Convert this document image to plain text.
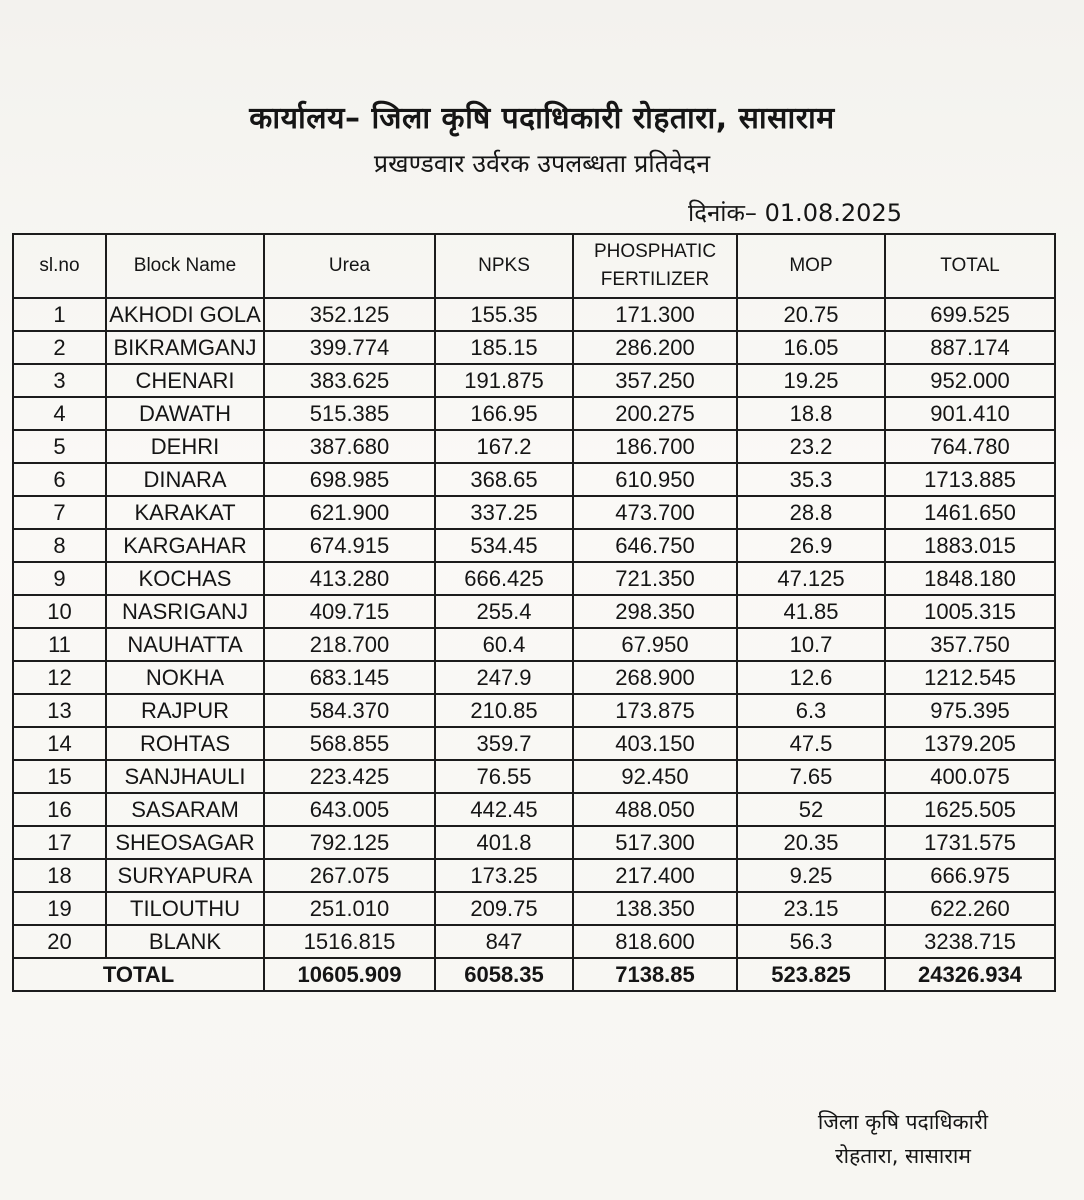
कार्यालय– जिला कृषि पदाधिकारी रोहतारा, सासाराम
प्रखण्डवार उर्वरक उपलब्धता प्रतिवेदन
दिनांक– 01.08.2025
sl.no	Block Name	Urea	NPKS	PHOSPHATIC FERTILIZER	MOP	TOTAL
1	AKHODI GOLA	352.125	155.35	171.300	20.75	699.525
2	BIKRAMGANJ	399.774	185.15	286.200	16.05	887.174
3	CHENARI	383.625	191.875	357.250	19.25	952.000
4	DAWATH	515.385	166.95	200.275	18.8	901.410
5	DEHRI	387.680	167.2	186.700	23.2	764.780
6	DINARA	698.985	368.65	610.950	35.3	1713.885
7	KARAKAT	621.900	337.25	473.700	28.8	1461.650
8	KARGAHAR	674.915	534.45	646.750	26.9	1883.015
9	KOCHAS	413.280	666.425	721.350	47.125	1848.180
10	NASRIGANJ	409.715	255.4	298.350	41.85	1005.315
11	NAUHATTA	218.700	60.4	67.950	10.7	357.750
12	NOKHA	683.145	247.9	268.900	12.6	1212.545
13	RAJPUR	584.370	210.85	173.875	6.3	975.395
14	ROHTAS	568.855	359.7	403.150	47.5	1379.205
15	SANJHAULI	223.425	76.55	92.450	7.65	400.075
16	SASARAM	643.005	442.45	488.050	52	1625.505
17	SHEOSAGAR	792.125	401.8	517.300	20.35	1731.575
18	SURYAPURA	267.075	173.25	217.400	9.25	666.975
19	TILOUTHU	251.010	209.75	138.350	23.15	622.260
20	BLANK	1516.815	847	818.600	56.3	3238.715
TOTAL		10605.909	6058.35	7138.85	523.825	24326.934
जिला कृषि पदाधिकारी
रोहतारा, सासाराम
